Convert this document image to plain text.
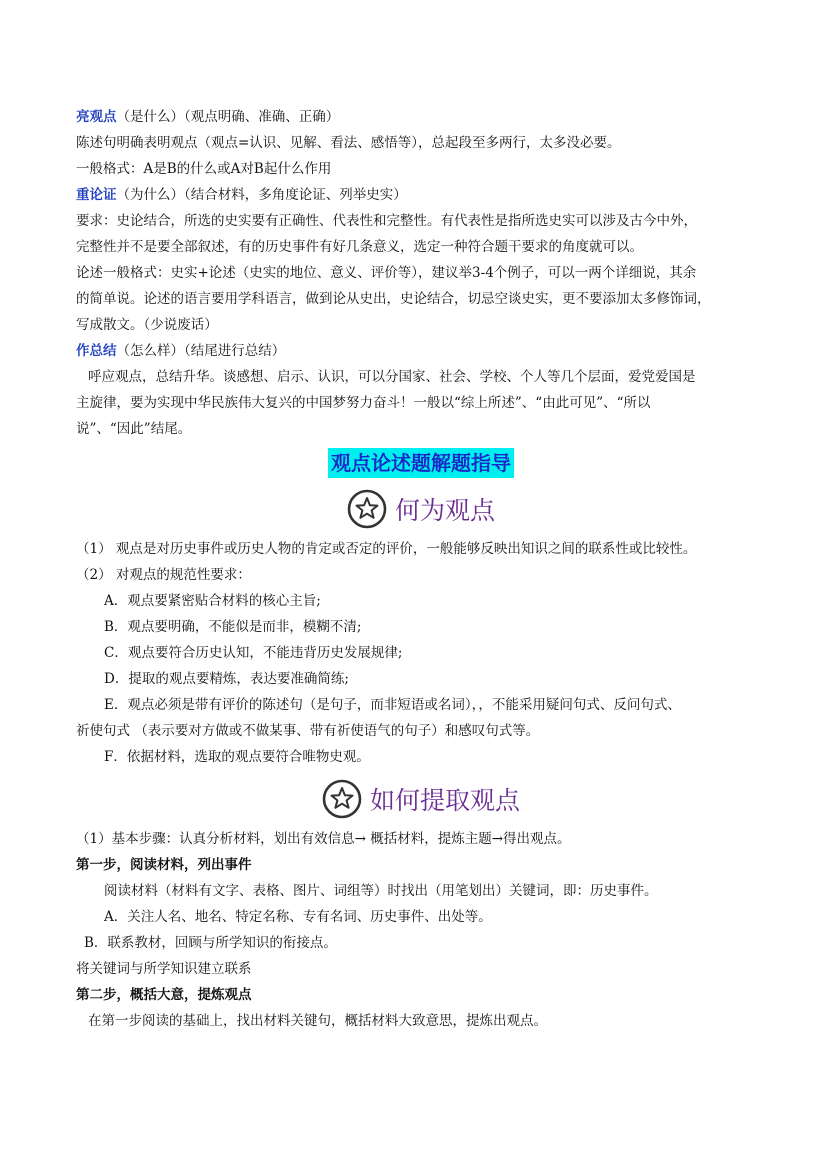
亮观点（是什么）（观点明确、准确、正确）
陈述句明确表明观点（观点=认识、见解、看法、感悟等），总起段至多两行，太多没必要。
一般格式：A是B的什么或A对B起什么作用
重论证（为什么）（结合材料，多角度论证、列举史实）
要求：史论结合，所选的史实要有正确性、代表性和完整性。有代表性是指所选史实可以涉及古今中外，
完整性并不是要全部叙述，有的历史事件有好几条意义，选定一种符合题干要求的角度就可以。
论述一般格式：史实+论述（史实的地位、意义、评价等），建议举3-4个例子，可以一两个详细说，其余
的简单说。论述的语言要用学科语言，做到论从史出，史论结合，切忌空谈史实，更不要添加太多修饰词，
写成散文。（少说废话）
作总结（怎么样）（结尾进行总结）
呼应观点，总结升华。谈感想、启示、认识，可以分国家、社会、学校、个人等几个层面，爱党爱国是
主旋律，要为实现中华民族伟大复兴的中国梦努力奋斗！一般以“综上所述”、“由此可见”、“所以
说”、“因此”结尾。
观点论述题解题指导
何为观点
（1） 观点是对历史事件或历史人物的肯定或否定的评价，一般能够反映出知识之间的联系性或比较性。
（2） 对观点的规范性要求：
A．观点要紧密贴合材料的核心主旨;
B．观点要明确，不能似是而非，模糊不清;
C．观点要符合历史认知，不能违背历史发展规律;
D．提取的观点要精炼，表达要准确简练;
E．观点必须是带有评价的陈述句（是句子，而非短语或名词），，不能采用疑问句式、反问句式、
祈使句式 （表示要对方做或不做某事、带有祈使语气的句子）和感叹句式等。
F．依据材料，选取的观点要符合唯物史观。
如何提取观点
（1）基本步骤：认真分析材料，划出有效信息→ 概括材料，提炼主题→得出观点。
第一步，阅读材料，列出事件
阅读材料（材料有文字、表格、图片、词组等）时找出（用笔划出）关键词，即：历史事件。
A．关注人名、地名、特定名称、专有名词、历史事件、出处等。
B．联系教材，回顾与所学知识的衔接点。
将关键词与所学知识建立联系
第二步，概括大意，提炼观点
在第一步阅读的基础上，找出材料关键句，概括材料大致意思，提炼出观点。
